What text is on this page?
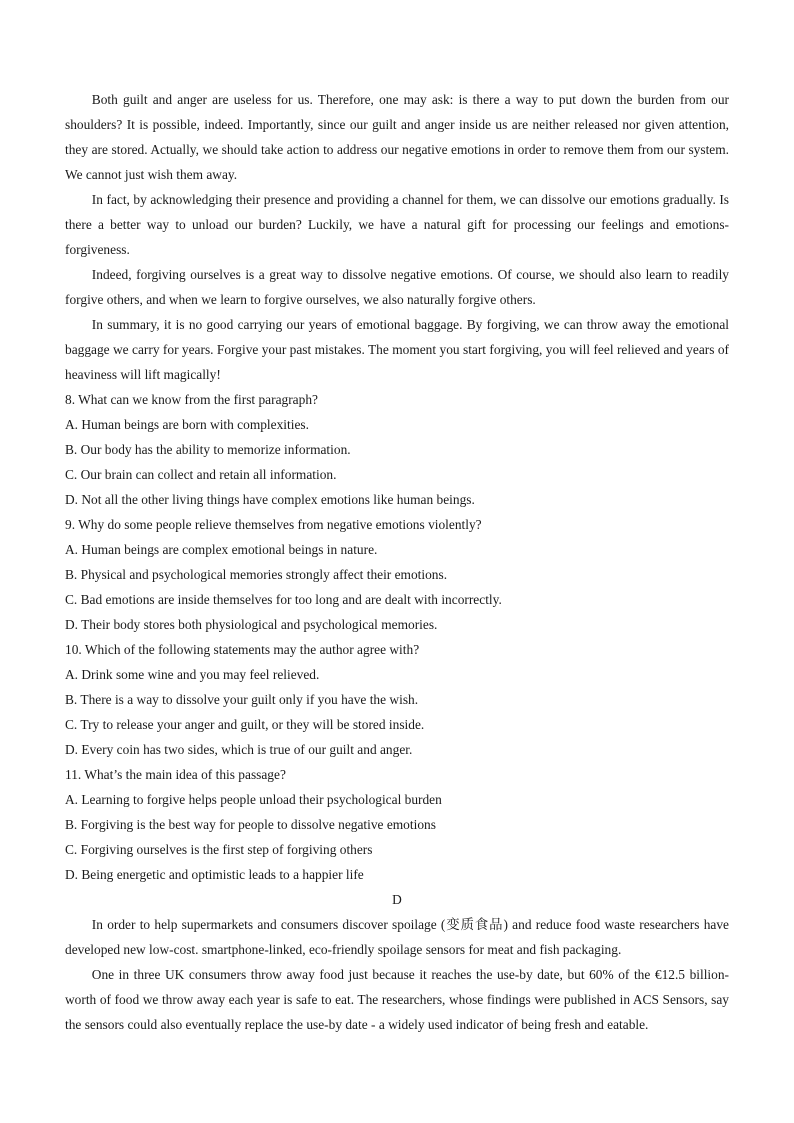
Both guilt and anger are useless for us. Therefore, one may ask: is there a way to put down the burden from our shoulders? It is possible, indeed. Importantly, since our guilt and anger inside us are neither released nor given attention, they are stored. Actually, we should take action to address our negative emotions in order to remove them from our system. We cannot just wish them away.

In fact, by acknowledging their presence and providing a channel for them, we can dissolve our emotions gradually. Is there a better way to unload our burden? Luckily, we have a natural gift for processing our feelings and emotions-forgiveness.

Indeed, forgiving ourselves is a great way to dissolve negative emotions. Of course, we should also learn to readily forgive others, and when we learn to forgive ourselves, we also naturally forgive others.

In summary, it is no good carrying our years of emotional baggage. By forgiving, we can throw away the emotional baggage we carry for years. Forgive your past mistakes. The moment you start forgiving, you will feel relieved and years of heaviness will lift magically!

8. What can we know from the first paragraph?

A. Human beings are born with complexities.

B. Our body has the ability to memorize information.

C. Our brain can collect and retain all information.

D. Not all the other living things have complex emotions like human beings.

9. Why do some people relieve themselves from negative emotions violently?

A. Human beings are complex emotional beings in nature.

B. Physical and psychological memories strongly affect their emotions.

C. Bad emotions are inside themselves for too long and are dealt with incorrectly.

D. Their body stores both physiological and psychological memories.

10. Which of the following statements may the author agree with?

A. Drink some wine and you may feel relieved.

B. There is a way to dissolve your guilt only if you have the wish.

C. Try to release your anger and guilt, or they will be stored inside.

D. Every coin has two sides, which is true of our guilt and anger.

11. What’s the main idea of this passage?

A. Learning to forgive helps people unload their psychological burden

B. Forgiving is the best way for people to dissolve negative emotions

C. Forgiving ourselves is the first step of forgiving others

D. Being energetic and optimistic leads to a happier life

D

In order to help supermarkets and consumers discover spoilage (变质食品) and reduce food waste researchers have developed new low-cost. smartphone-linked, eco-friendly spoilage sensors for meat and fish packaging.

One in three UK consumers throw away food just because it reaches the use-by date, but 60% of the €12.5 billion-worth of food we throw away each year is safe to eat. The researchers, whose findings were published in ACS Sensors, say the sensors could also eventually replace the use-by date - a widely used indicator of being fresh and eatable.
